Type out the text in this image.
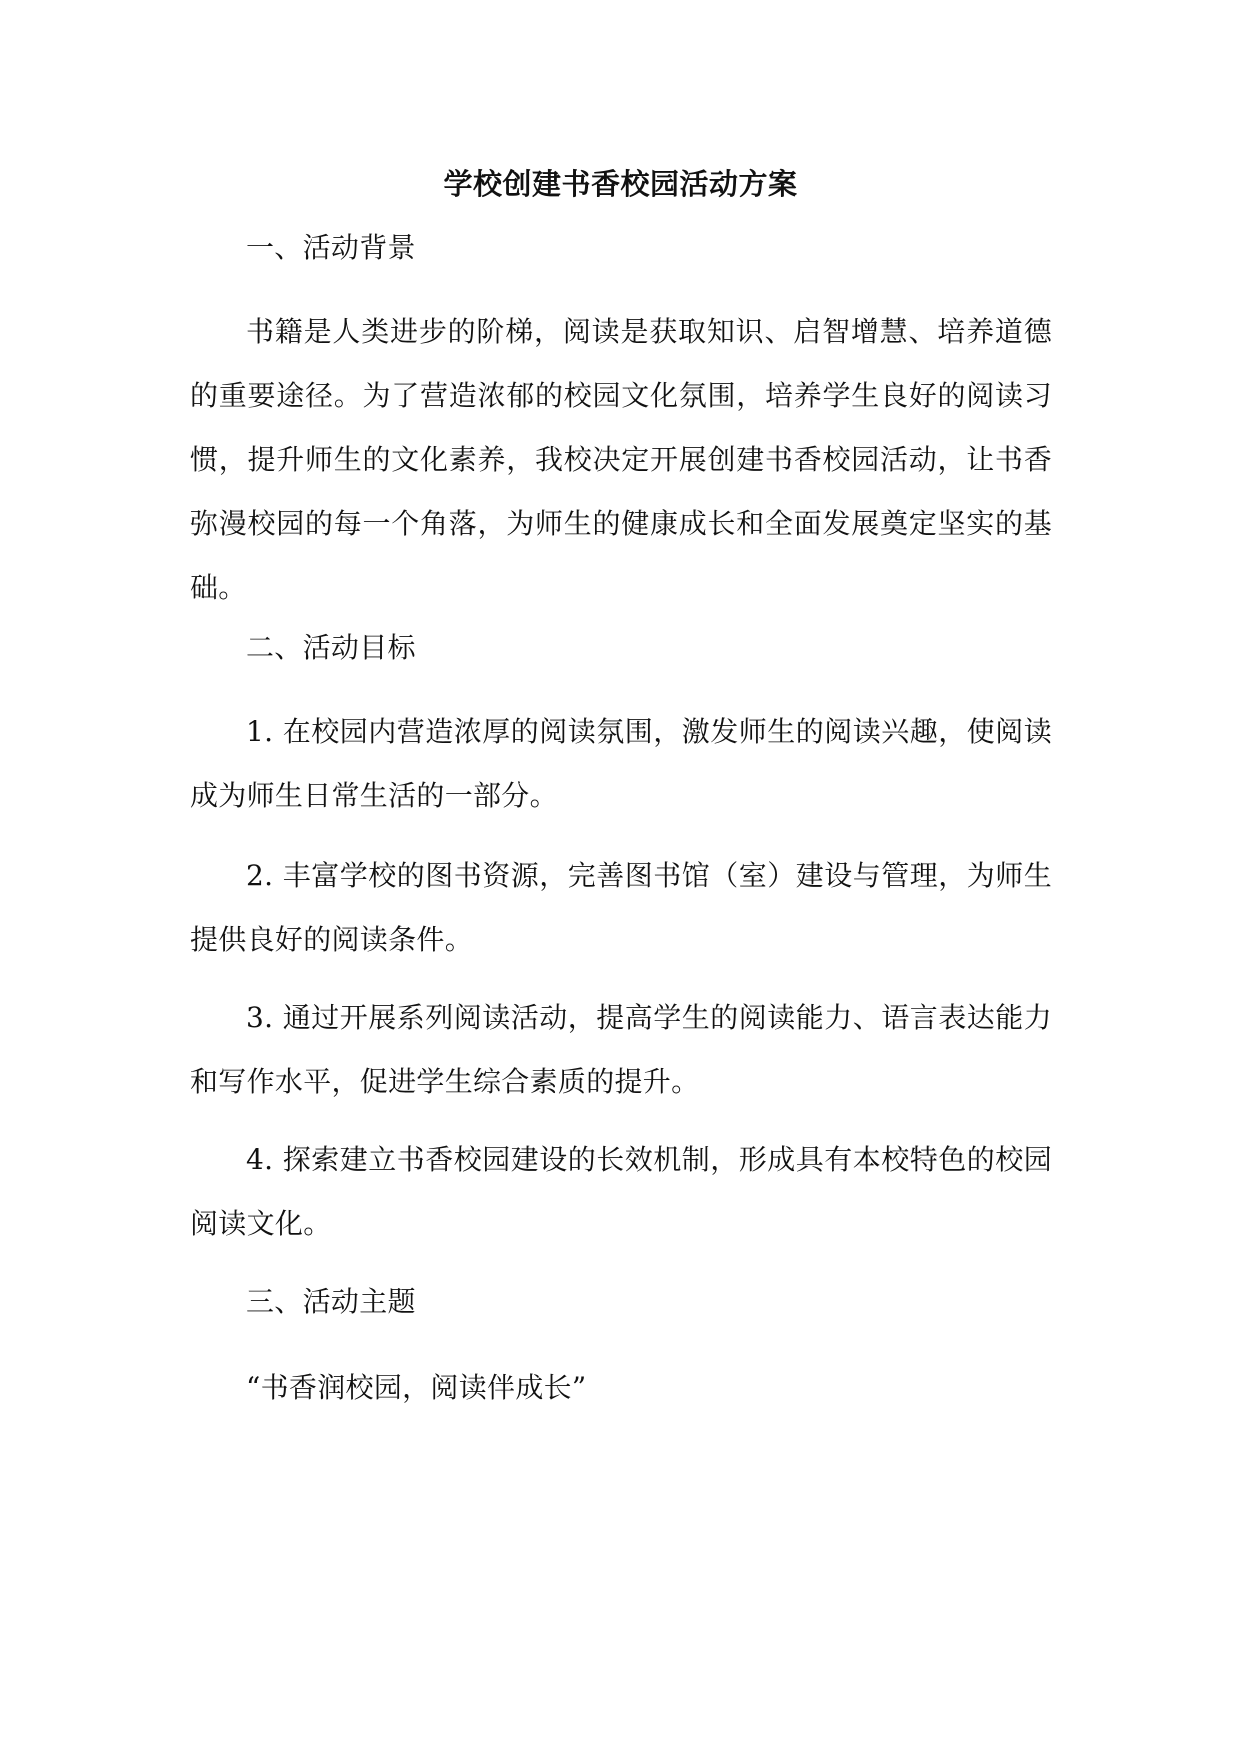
学校创建书香校园活动方案
一、活动背景
书籍是人类进步的阶梯，阅读是获取知识、启智增慧、培养道德的重要途径。为了营造浓郁的校园文化氛围，培养学生良好的阅读习惯，提升师生的文化素养，我校决定开展创建书香校园活动，让书香弥漫校园的每一个角落，为师生的健康成长和全面发展奠定坚实的基础。
二、活动目标
1. 在校园内营造浓厚的阅读氛围，激发师生的阅读兴趣，使阅读成为师生日常生活的一部分。
2. 丰富学校的图书资源，完善图书馆（室）建设与管理，为师生提供良好的阅读条件。
3. 通过开展系列阅读活动，提高学生的阅读能力、语言表达能力和写作水平，促进学生综合素质的提升。
4. 探索建立书香校园建设的长效机制，形成具有本校特色的校园阅读文化。
三、活动主题
“书香润校园，阅读伴成长”
